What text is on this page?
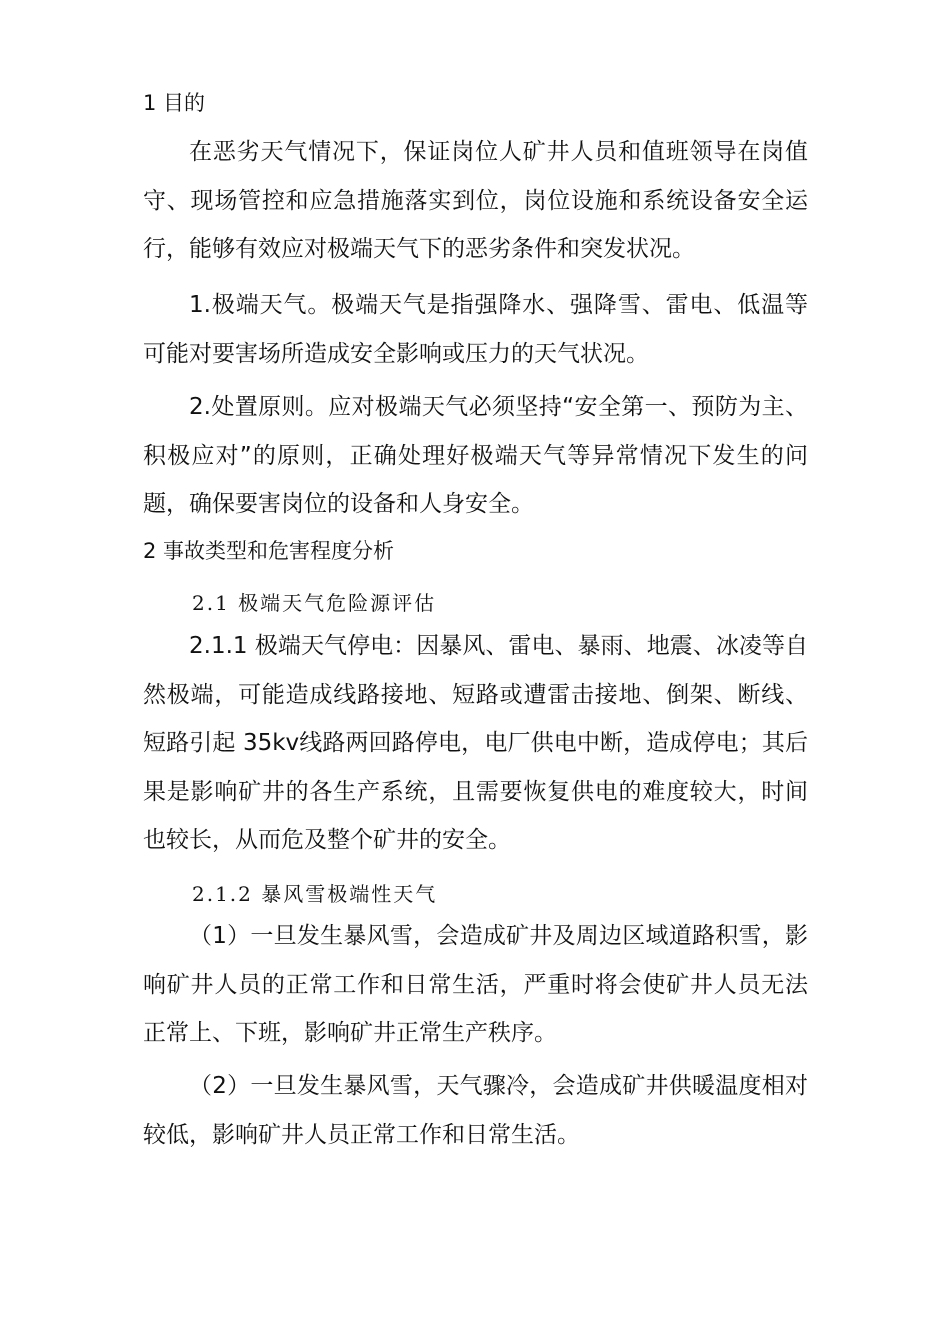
1 目的

在恶劣天气情况下，保证岗位人矿井人员和值班领导在岗值守、现场管控和应急措施落实到位，岗位设施和系统设备安全运行，能够有效应对极端天气下的恶劣条件和突发状况。

1.极端天气。极端天气是指强降水、强降雪、雷电、低温等可能对要害场所造成安全影响或压力的天气状况。

2.处置原则。应对极端天气必须坚持“安全第一、预防为主、积极应对”的原则，正确处理好极端天气等异常情况下发生的问题，确保要害岗位的设备和人身安全。

2 事故类型和危害程度分析
2.1 极端天气危险源评估

2.1.1 极端天气停电：因暴风、雷电、暴雨、地震、冰凌等自然极端，可能造成线路接地、短路或遭雷击接地、倒架、断线、短路引起 35kv线路两回路停电，电厂供电中断，造成停电；其后果是影响矿井的各生产系统，且需要恢复供电的难度较大，时间也较长，从而危及整个矿井的安全。

2.1.2 暴风雪极端性天气

（1）一旦发生暴风雪，会造成矿井及周边区域道路积雪，影响矿井人员的正常工作和日常生活，严重时将会使矿井人员无法正常上、下班，影响矿井正常生产秩序。

（2）一旦发生暴风雪，天气骤冷，会造成矿井供暖温度相对较低，影响矿井人员正常工作和日常生活。
